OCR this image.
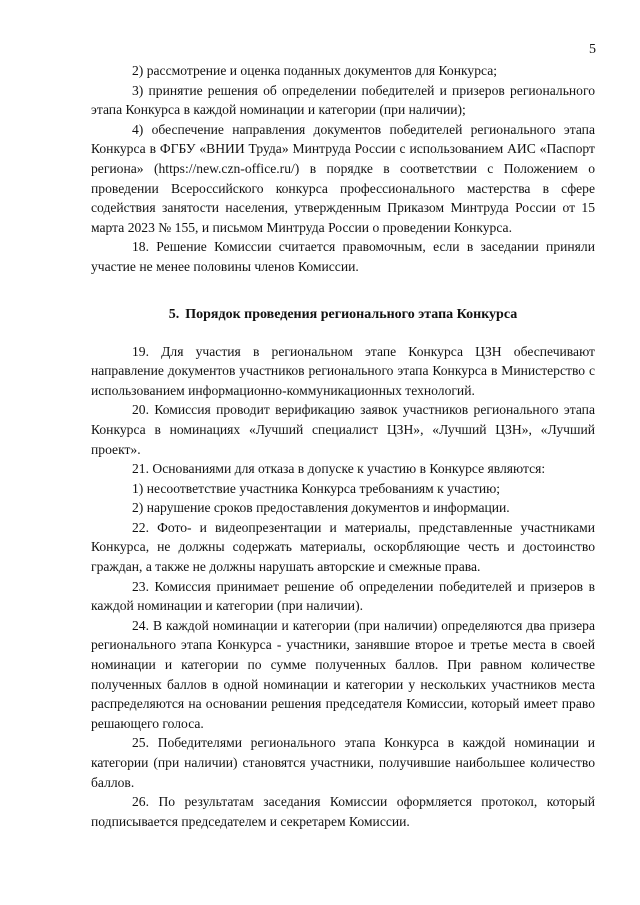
5

2) рассмотрение и оценка поданных документов для Конкурса;

3) принятие решения об определении победителей и призеров регионального этапа Конкурса в каждой номинации и категории (при наличии);

4) обеспечение направления документов победителей регионального этапа Конкурса в ФГБУ «ВНИИ Труда» Минтруда России с использованием АИС «Паспорт региона» (https://new.czn-office.ru/) в порядке в соответствии с Положением о проведении Всероссийского конкурса профессионального мастерства в сфере содействия занятости населения, утвержденным Приказом Минтруда России от 15 марта 2023 № 155, и письмом Минтруда России о проведении Конкурса.

18. Решение Комиссии считается правомочным, если в заседании приняли участие не менее половины членов Комиссии.

5. Порядок проведения регионального этапа Конкурса

19. Для участия в региональном этапе Конкурса ЦЗН обеспечивают направление документов участников регионального этапа Конкурса в Министерство с использованием информационно-коммуникационных технологий.

20. Комиссия проводит верификацию заявок участников регионального этапа Конкурса в номинациях «Лучший специалист ЦЗН», «Лучший ЦЗН», «Лучший проект».

21. Основаниями для отказа в допуске к участию в Конкурсе являются:

1) несоответствие участника Конкурса требованиям к участию;

2) нарушение сроков предоставления документов и информации.

22. Фото- и видеопрезентации и материалы, представленные участниками Конкурса, не должны содержать материалы, оскорбляющие честь и достоинство граждан, а также не должны нарушать авторские и смежные права.

23. Комиссия принимает решение об определении победителей и призеров в каждой номинации и категории (при наличии).

24. В каждой номинации и категории (при наличии) определяются два призера регионального этапа Конкурса - участники, занявшие второе и третье места в своей номинации и категории по сумме полученных баллов. При равном количестве полученных баллов в одной номинации и категории у нескольких участников места распределяются на основании решения председателя Комиссии, который имеет право решающего голоса.

25. Победителями регионального этапа Конкурса в каждой номинации и категории (при наличии) становятся участники, получившие наибольшее количество баллов.

26. По результатам заседания Комиссии оформляется протокол, который подписывается председателем и секретарем Комиссии.
